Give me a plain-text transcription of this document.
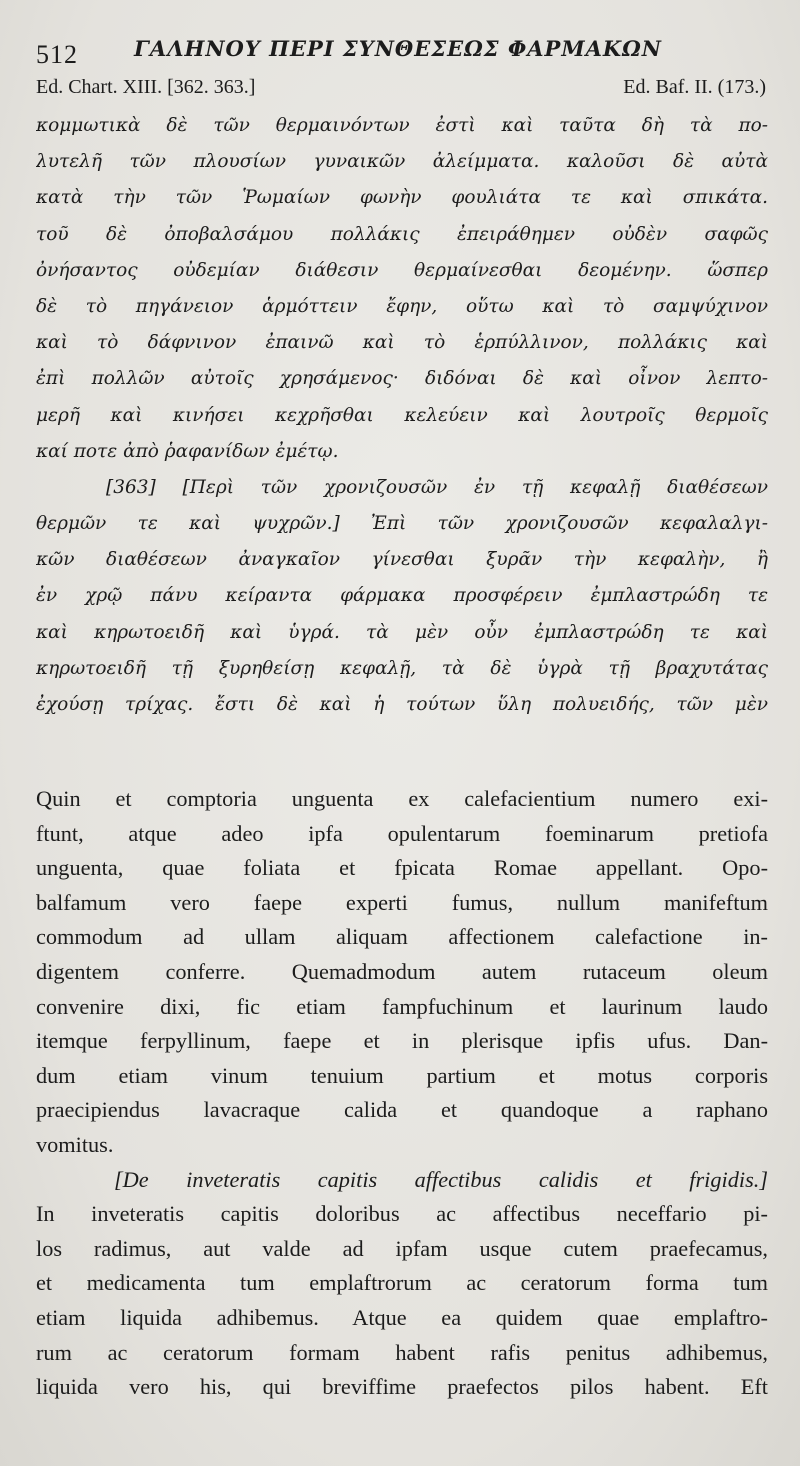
512	ΓΑΛΗΝΟΥ ΠΕΡΙ ΣΥΝΘΕΣΕΩΣ ΦΑΡΜΑΚΩΝ
Ed. Chart. XIII. [362. 363.]	Ed. Baf. II. (173.)
κομμωτικὰ δὲ τῶν θερμαινόντων ἐστὶ καὶ ταῦτα δὴ τὰ πο-
λυτελῆ τῶν πλουσίων γυναικῶν ἀλείμματα. καλοῦσι δὲ αὐτὰ
κατὰ τὴν τῶν Ῥωμαίων φωνὴν φουλιάτα τε καὶ σπικάτα.
τοῦ δὲ ὀποβαλσάμου πολλάκις ἐπειράθημεν οὐδὲν σαφῶς
ὀνήσαντος οὐδεμίαν διάθεσιν θερμαίνεσθαι δεομένην. ὥσπερ
δὲ τὸ πηγάνειον ἁρμόττειν ἔφην, οὕτω καὶ τὸ σαμψύχινον
καὶ τὸ δάφνινον ἐπαινῶ καὶ τὸ ἑρπύλλινον, πολλάκις καὶ
ἐπὶ πολλῶν αὐτοῖς χρησάμενος· διδόναι δὲ καὶ οἶνον λεπτο-
μερῆ καὶ κινήσει κεχρῆσθαι κελεύειν καὶ λουτροῖς θερμοῖς
καί ποτε ἀπὸ ῥαφανίδων ἐμέτῳ.
[363] [Περὶ τῶν χρονιζουσῶν ἐν τῇ κεφαλῇ διαθέσεων
θερμῶν τε καὶ ψυχρῶν.] Ἐπὶ τῶν χρονιζουσῶν κεφαλαλγι-
κῶν διαθέσεων ἀναγκαῖον γίνεσθαι ξυρᾶν τὴν κεφαλὴν, ἢ
ἐν χρῷ πάνυ κείραντα φάρμακα προσφέρειν ἐμπλαστρώδη τε
καὶ κηρωτοειδῆ καὶ ὑγρά. τὰ μὲν οὖν ἐμπλαστρώδη τε καὶ
κηρωτοειδῆ τῇ ξυρηθείσῃ κεφαλῇ, τὰ δὲ ὑγρὰ τῇ βραχυτάτας
ἐχούσῃ τρίχας. ἔστι δὲ καὶ ἡ τούτων ὕλη πολυειδής, τῶν μὲν
Quin et comptoria unguenta ex calefacientium numero exi-
ftunt, atque adeo ipfa opulentarum foeminarum pretiofa
unguenta, quae foliata et fpicata Romae appellant. Opo-
balfamum vero faepe experti fumus, nullum manifeftum
commodum ad ullam aliquam affectionem calefactione in-
digentem conferre. Quemadmodum autem rutaceum oleum
convenire dixi, fic etiam fampfuchinum et laurinum laudo
itemque ferpyllinum, faepe et in plerisque ipfis ufus. Dan-
dum etiam vinum tenuium partium et motus corporis
praecipiendus lavacraque calida et quandoque a raphano
vomitus.
[De inveteratis capitis affectibus calidis et frigidis.]
In inveteratis capitis doloribus ac affectibus neceffario pi-
los radimus, aut valde ad ipfam usque cutem praefecamus,
et medicamenta tum emplaftrorum ac ceratorum forma tum
etiam liquida adhibemus. Atque ea quidem quae emplaftro-
rum ac ceratorum formam habent rafis penitus adhibemus,
liquida vero his, qui breviffime praefectos pilos habent. Eft
